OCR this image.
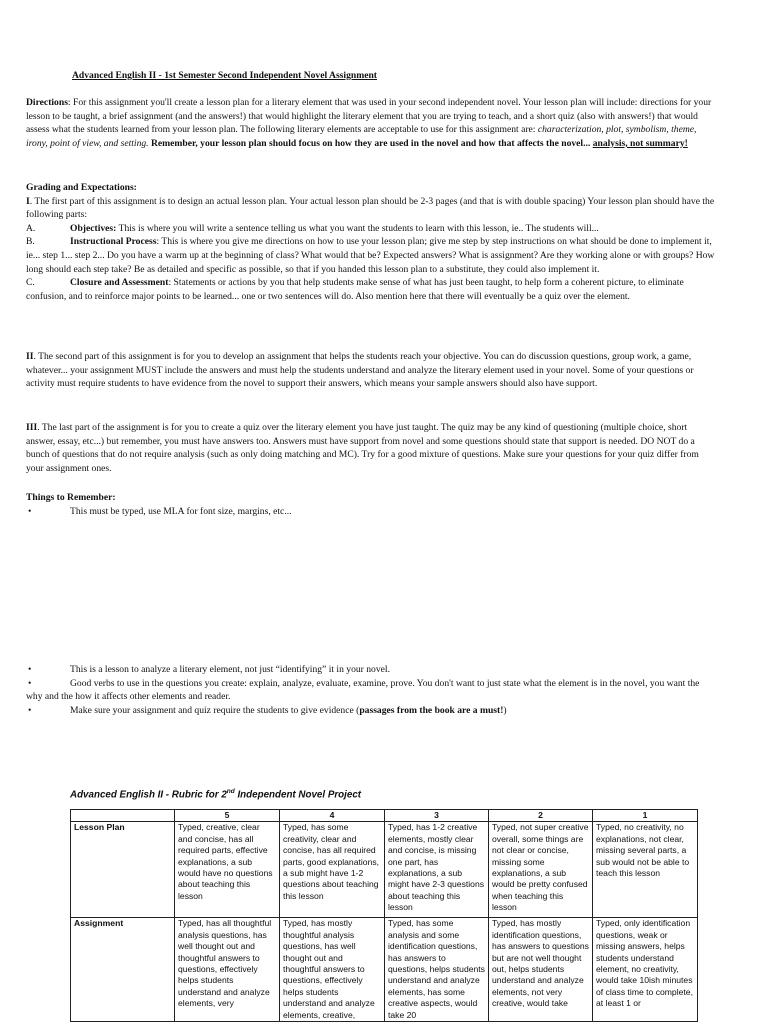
Advanced English II - 1st Semester Second Independent Novel Assignment

Directions: For this assignment you'll create a lesson plan for a literary element that was used in your second independent novel. Your lesson plan will include: directions for your lesson to be taught, a brief assignment (and the answers!) that would highlight the literary element that you are trying to teach, and a short quiz (also with answers!) that would assess what the students learned from your lesson plan. The following literary elements are acceptable to use for this assignment are: characterization, plot, symbolism, theme, irony, point of view, and setting. Remember, your lesson plan should focus on how they are used in the novel and how that affects the novel... analysis, not summary!

Grading and Expectations:

I. The first part of this assignment is to design an actual lesson plan. Your actual lesson plan should be 2-3 pages (and that is with double spacing) Your lesson plan should have the following parts:

A.	Objectives: This is where you will write a sentence telling us what you want the students to learn with this lesson, ie.. The students will...

B.	Instructional Process: This is where you give me directions on how to use your lesson plan; give me step by step instructions on what should be done to implement it, ie... step 1... step 2... Do you have a warm up at the beginning of class? What would that be? Expected answers? What is assignment? Are they working alone or with groups? How long should each step take? Be as detailed and specific as possible, so that if you handed this lesson plan to a substitute, they could also implement it.

C.	Closure and Assessment: Statements or actions by you that help students make sense of what has just been taught, to help form a coherent picture, to eliminate confusion, and to reinforce major points to be learned... one or two sentences will do. Also mention here that there will eventually be a quiz over the element.

II. The second part of this assignment is for you to develop an assignment that helps the students reach your objective. You can do discussion questions, group work, a game, whatever... your assignment MUST include the answers and must help the students understand and analyze the literary element used in your novel. Some of your questions or activity must require students to have evidence from the novel to support their answers, which means your sample answers should also have support.

III. The last part of the assignment is for you to create a quiz over the literary element you have just taught. The quiz may be any kind of questioning (multiple choice, short answer, essay, etc...) but remember, you must have answers too. Answers must have support from novel and some questions should state that support is needed. DO NOT do a bunch of questions that do not require analysis (such as only doing matching and MC). Try for a good mixture of questions. Make sure your questions for your quiz differ from your assignment ones.

Things to Remember:

•	This must be typed, use MLA for font size, margins, etc...

•	This is a lesson to analyze a literary element, not just “identifying” it in your novel.

•	Good verbs to use in the questions you create: explain, analyze, evaluate, examine, prove. You don't want to just state what the element is in the novel, you want the why and the how it affects other elements and reader.

•	Make sure your assignment and quiz require the students to give evidence (passages from the book are a must!)

Advanced English II - Rubric for 2nd Independent Novel Project
	5	4	3	2	1
Lesson Plan	Typed, creative, clear and concise, has all required parts, effective explanations, a sub would have no questions about teaching this lesson	Typed, has some creativity, clear and concise, has all required parts, good explanations, a sub might have 1-2 questions about teaching this lesson	Typed, has 1-2 creative elements, mostly clear and concise, is missing one part, has explanations, a sub might have 2-3 questions about teaching this lesson	Typed, not super creative overall, some things are not clear or concise, missing some explanations, a sub would be pretty confused when teaching this lesson	Typed, no creativity, no explanations, not clear, missing several parts, a sub would not be able to teach this lesson
Assignment	Typed, has all thoughtful analysis questions, has well thought out and thoughtful answers to questions, effectively helps students understand and analyze elements, very	Typed, has mostly thoughtful analysis questions, has well thought out and thoughtful answers to questions, effectively helps students understand and analyze elements, creative,	Typed, has some analysis and some identification questions, has answers to questions, helps students understand and analyze elements, has some creative aspects, would take 20	Typed, has mostly identification questions, has answers to questions but are not well thought out, helps students understand and analyze elements, not very creative, would take	Typed, only identification questions, weak or missing answers, helps students understand element, no creativity, would take 10ish minutes of class time to complete, at least 1 or
